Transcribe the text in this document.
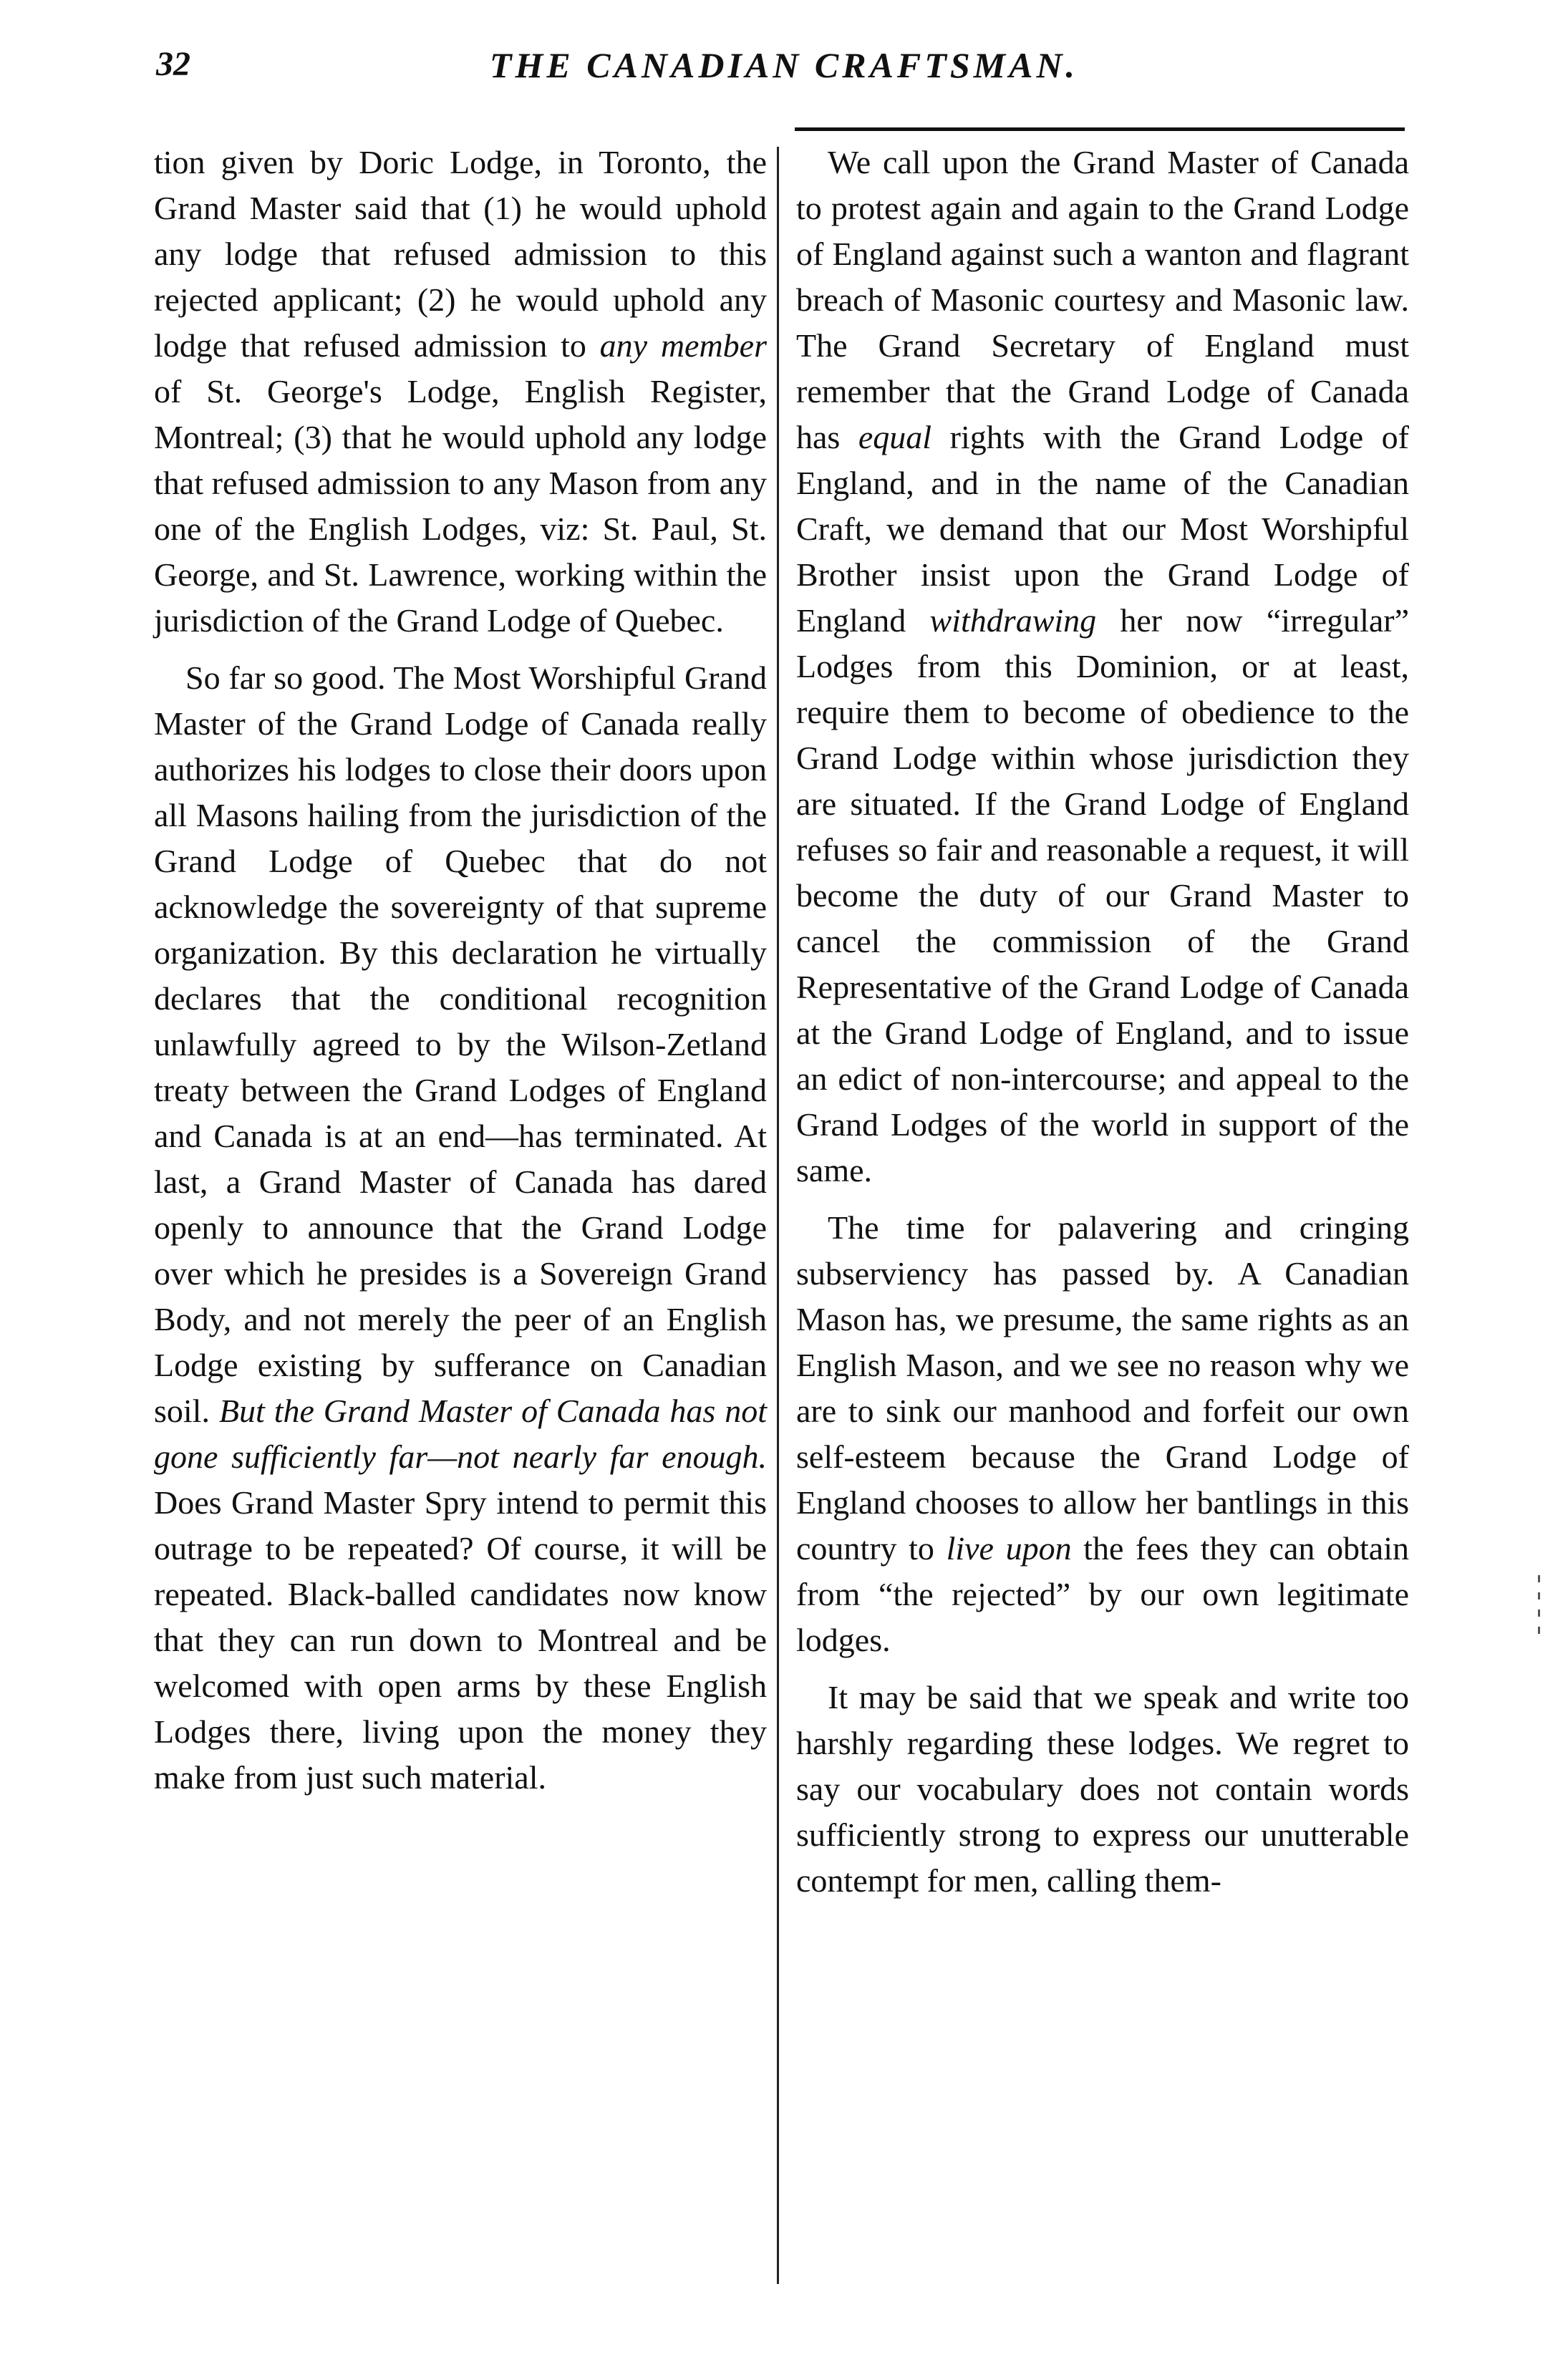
32	THE CANADIAN CRAFTSMAN.

tion given by Doric Lodge, in Toronto, the Grand Master said that (1) he would uphold any lodge that refused admission to this rejected applicant; (2) he would uphold any lodge that refused admission to any member of St. George's Lodge, English Register, Montreal; (3) that he would uphold any lodge that refused admission to any Mason from any one of the English Lodges, viz: St. Paul, St. George, and St. Lawrence, working within the jurisdiction of the Grand Lodge of Quebec.

So far so good. The Most Worshipful Grand Master of the Grand Lodge of Canada really authorizes his lodges to close their doors upon all Masons hailing from the jurisdiction of the Grand Lodge of Quebec that do not acknowledge the sovereignty of that supreme organization. By this declaration he virtually declares that the conditional recognition unlawfully agreed to by the Wilson-Zetland treaty between the Grand Lodges of England and Canada is at an end—has terminated. At last, a Grand Master of Canada has dared openly to announce that the Grand Lodge over which he presides is a Sovereign Grand Body, and not merely the peer of an English Lodge existing by sufferance on Canadian soil. But the Grand Master of Canada has not gone sufficiently far—not nearly far enough. Does Grand Master Spry intend to permit this outrage to be repeated? Of course, it will be repeated. Black-balled candidates now know that they can run down to Montreal and be welcomed with open arms by these English Lodges there, living upon the money they make from just such material.

We call upon the Grand Master of Canada to protest again and again to the Grand Lodge of England against such a wanton and flagrant breach of Masonic courtesy and Masonic law. The Grand Secretary of England must remember that the Grand Lodge of Canada has equal rights with the Grand Lodge of England, and in the name of the Canadian Craft, we demand that our Most Worshipful Brother insist upon the Grand Lodge of England withdrawing her now “irregular” Lodges from this Dominion, or at least, require them to become of obedience to the Grand Lodge within whose jurisdiction they are situated. If the Grand Lodge of England refuses so fair and reasonable a request, it will become the duty of our Grand Master to cancel the commission of the Grand Representative of the Grand Lodge of Canada at the Grand Lodge of England, and to issue an edict of non-intercourse; and appeal to the Grand Lodges of the world in support of the same.

The time for palavering and cringing subserviency has passed by. A Canadian Mason has, we presume, the same rights as an English Mason, and we see no reason why we are to sink our manhood and forfeit our own self-esteem because the Grand Lodge of England chooses to allow her bantlings in this country to live upon the fees they can obtain from “the rejected” by our own legitimate lodges.

It may be said that we speak and write too harshly regarding these lodges. We regret to say our vocabulary does not contain words sufficiently strong to express our unutterable contempt for men, calling them-
